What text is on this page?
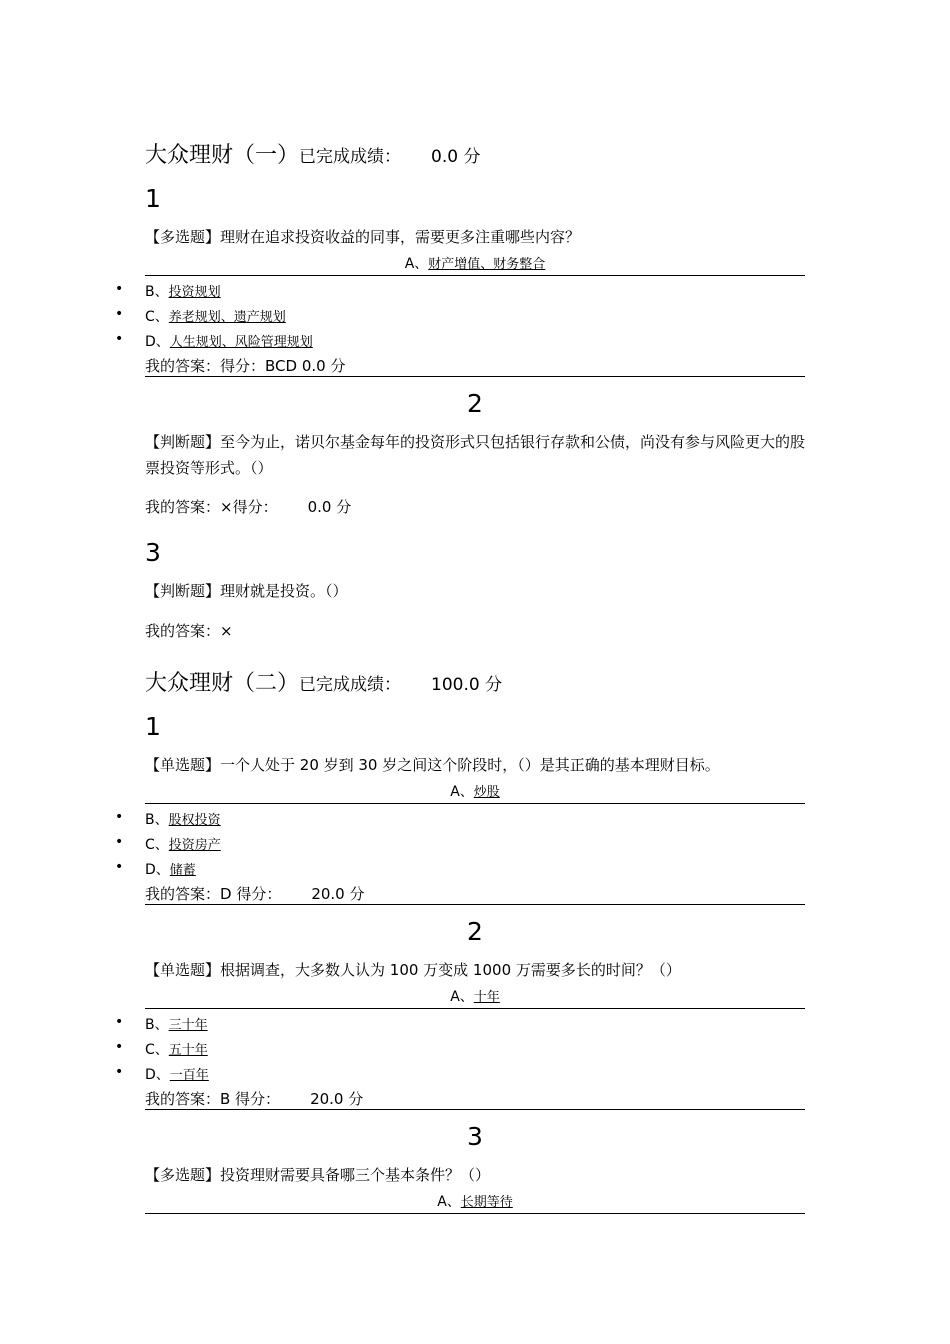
大众理财（一）已完成成绩： 0.0 分
1
【多选题】理财在追求投资收益的同事，需要更多注重哪些内容？
A、财产增值、财务整合
• B、投资规划
• C、养老规划、遗产规划
• D、人生规划、风险管理规划
我的答案：得分：BCD 0.0 分
2
【判断题】至今为止，诺贝尔基金每年的投资形式只包括银行存款和公债，尚没有参与风险更大的股票投资等形式。（）
我的答案：×得分： 0.0 分
3
【判断题】理财就是投资。（）
我的答案：×
大众理财（二）已完成成绩： 100.0 分
1
【单选题】一个人处于 20 岁到 30 岁之间这个阶段时，（）是其正确的基本理财目标。
A、炒股
• B、股权投资
• C、投资房产
• D、储蓄
我的答案：D 得分： 20.0 分
2
【单选题】根据调查，大多数人认为 100 万变成 1000 万需要多长的时间？（）
A、十年
• B、三十年
• C、五十年
• D、一百年
我的答案：B 得分： 20.0 分
3
【多选题】投资理财需要具备哪三个基本条件？（）
A、长期等待
